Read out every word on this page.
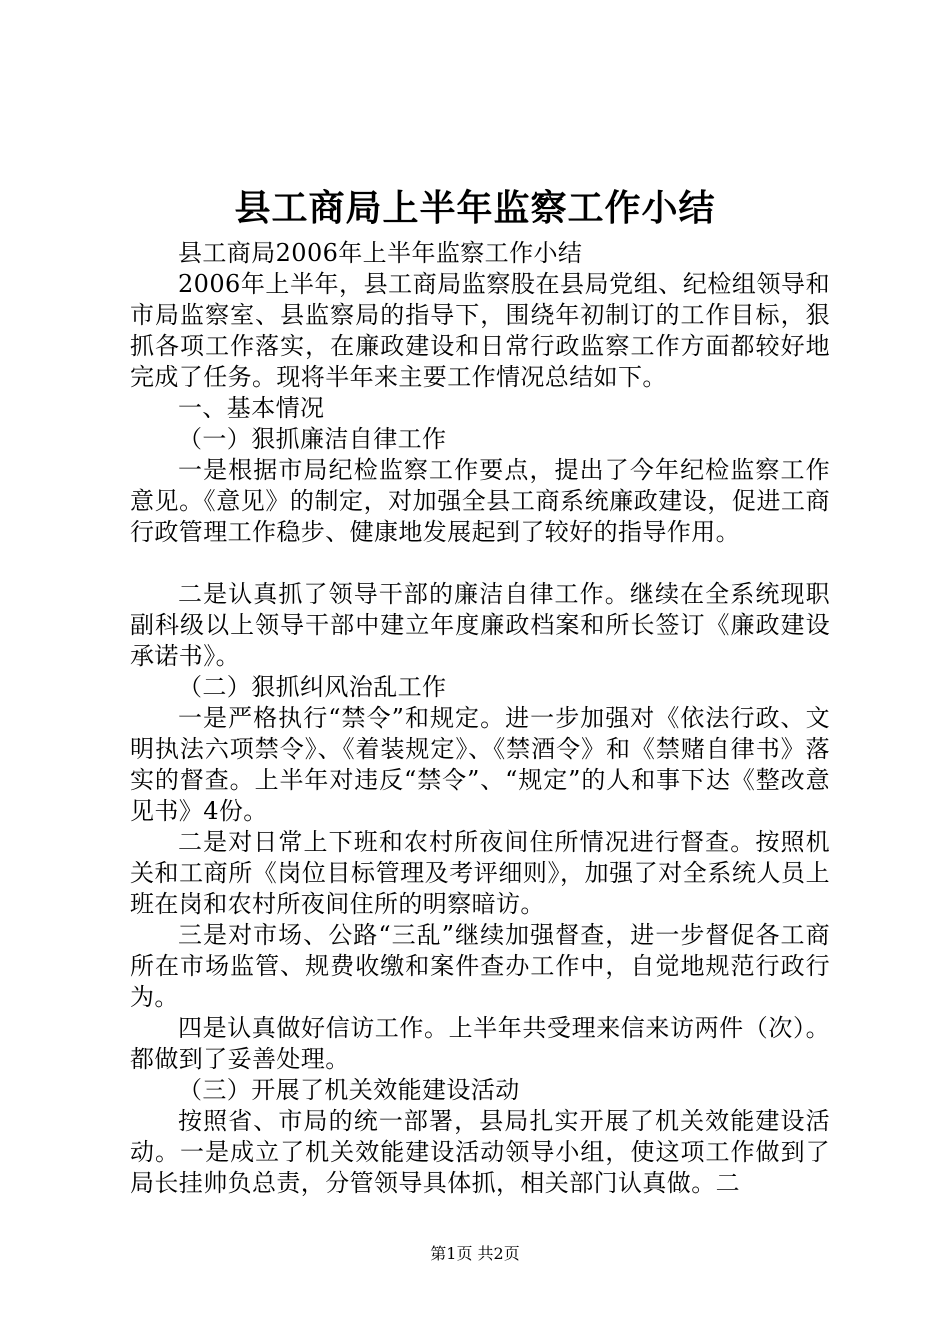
县工商局上半年监察工作小结

县工商局2006年上半年监察工作小结

2006年上半年，县工商局监察股在县局党组、纪检组领导和市局监察室、县监察局的指导下，围绕年初制订的工作目标，狠抓各项工作落实，在廉政建设和日常行政监察工作方面都较好地完成了任务。现将半年来主要工作情况总结如下。

一、基本情况

（一）狠抓廉洁自律工作

一是根据市局纪检监察工作要点，提出了今年纪检监察工作意见。《意见》的制定，对加强全县工商系统廉政建设，促进工商行政管理工作稳步、健康地发展起到了较好的指导作用。

二是认真抓了领导干部的廉洁自律工作。继续在全系统现职副科级以上领导干部中建立年度廉政档案和所长签订《廉政建设承诺书》。

（二）狠抓纠风治乱工作

一是严格执行“禁令”和规定。进一步加强对《依法行政、文明执法六项禁令》、《着装规定》、《禁酒令》和《禁赌自律书》落实的督查。上半年对违反“禁令”、“规定”的人和事下达《整改意见书》4份。

二是对日常上下班和农村所夜间住所情况进行督查。按照机关和工商所《岗位目标管理及考评细则》，加强了对全系统人员上班在岗和农村所夜间住所的明察暗访。

三是对市场、公路“三乱”继续加强督查，进一步督促各工商所在市场监管、规费收缴和案件查办工作中，自觉地规范行政行为。

四是认真做好信访工作。上半年共受理来信来访两件（次）。都做到了妥善处理。

（三）开展了机关效能建设活动

按照省、市局的统一部署，县局扎实开展了机关效能建设活动。一是成立了机关效能建设活动领导小组，使这项工作做到了局长挂帅负总责，分管领导具体抓，相关部门认真做。二

第1页 共2页
